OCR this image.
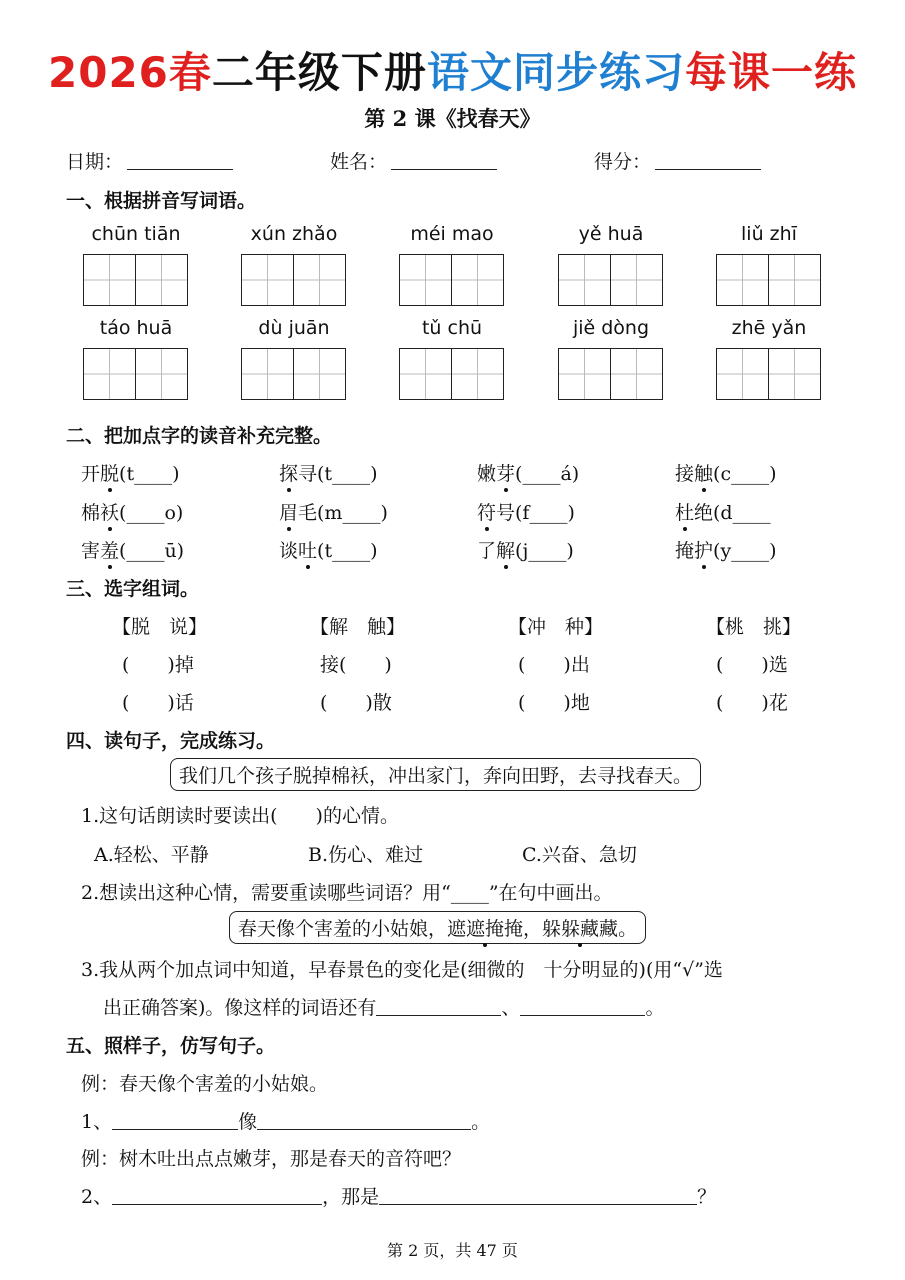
2026春二年级下册语文同步练习每课一练
第 2 课《找春天》
日期：	姓名：	得分：
一、根据拼音写词语。
chūn tiān	xún zhǎo	méi mao	yě huā	liǔ zhī
táo huā	dù juān	tǔ chū	jiě dòng	zhē yǎn
二、把加点字的读音补充完整。
开脱(t____)	探寻(t____)	嫩芽(____á)	接触(c____)
棉袄(____o)	眉毛(m____)	符号(f____)	杜绝(d____
害羞(____ū)	谈吐(t____)	了解(j____)	掩护(y____)
三、选字组词。
【脱　说】	【解　触】	【冲　种】	【桃　挑】
(　　)掉	接(　　)	(　　)出	(　　)选
(　　)话	(　　)散	(　　)地	(　　)花
四、读句子，完成练习。
我们几个孩子脱掉棉袄，冲出家门，奔向田野，去寻找春天。
1.这句话朗读时要读出(　　)的心情。
A.轻松、平静	B.伤心、难过	C.兴奋、急切
2.想读出这种心情，需要重读哪些词语？用“____”在句中画出。
春天像个害羞的小姑娘，遮遮掩掩，躲躲藏藏。
3.我从两个加点词中知道，早春景色的变化是(细微的　十分明显的)(用“√”选
出正确答案)。像这样的词语还有	、	。
五、照样子，仿写句子。
例：春天像个害羞的小姑娘。
1、	像	。
例：树木吐出点点嫩芽，那是春天的音符吧？
2、	，那是	？
第 2 页，共 47 页
